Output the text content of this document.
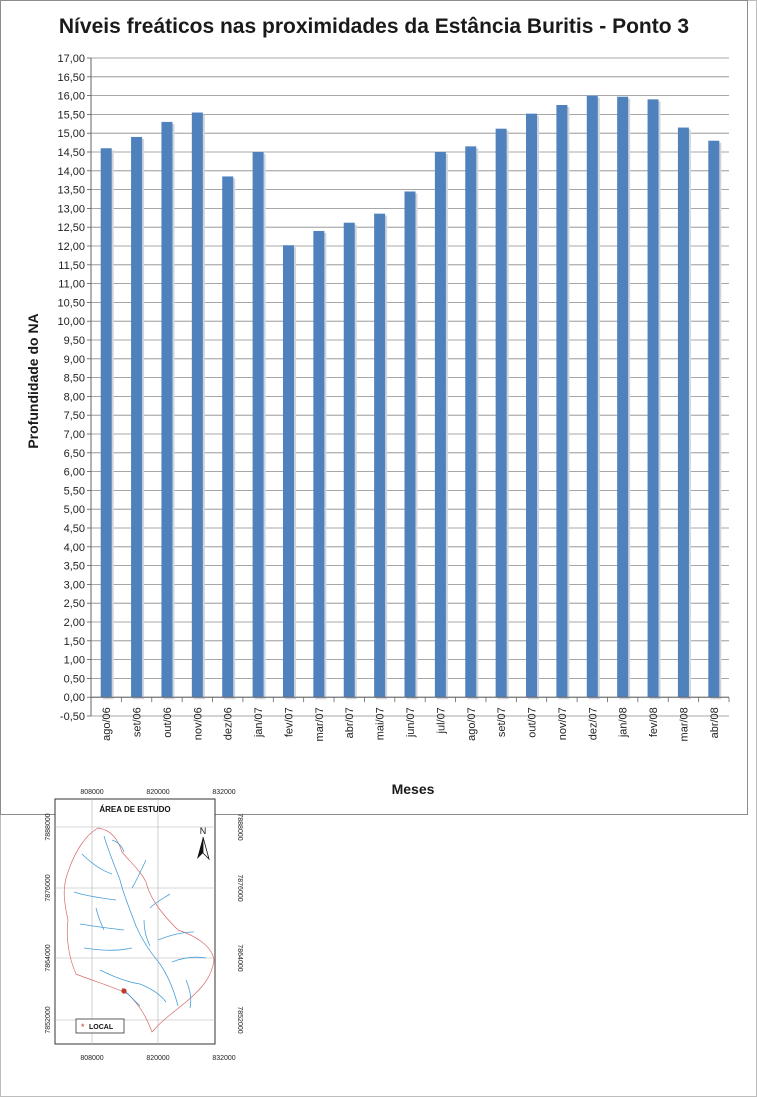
Níveis freáticos nas proximidades da Estância Buritis - Ponto 3
-0,50
0,00
0,50
1,00
1,50
2,00
2,50
3,00
3,50
4,00
4,50
5,00
5,50
6,00
6,50
7,00
7,50
8,00
8,50
9,00
9,50
10,00
10,50
11,00
11,50
12,00
12,50
13,00
13,50
14,00
14,50
15,00
15,50
16,00
16,50
17,00
ago/06 set/06 out/06 nov/06 dez/06 jan/07 fev/07 mar/07 abr/07 mai/07 jun/07 jul/07 ago/07 set/07 out/07 nov/07 dez/07 jan/08 fev/08 mar/08 abr/08
Profundidade do NA
Meses
808000	820000	832000
808000	820000	832000
7888000
7876000
7864000
7852000
7888000
7876000
7864000
7852000
ÁREA DE ESTUDO
N
* LOCAL
